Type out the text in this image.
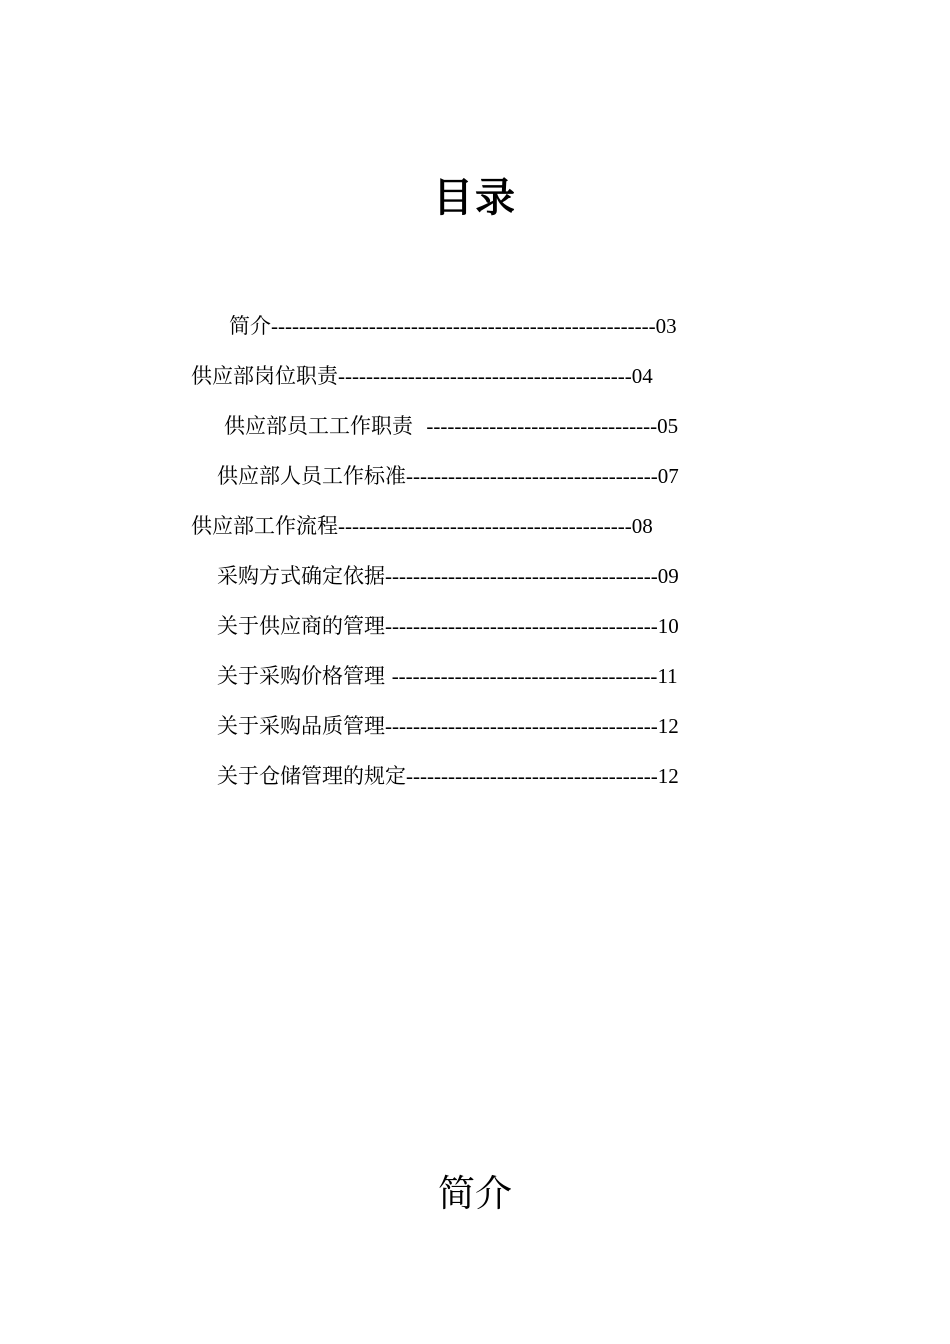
目录

简介-------------------------------------------------------03

供应部岗位职责------------------------------------------04

供应部员工工作职责  ---------------------------------05

供应部人员工作标准------------------------------------07

供应部工作流程------------------------------------------08

采购方式确定依据---------------------------------------09

关于供应商的管理---------------------------------------10

关于采购价格管理 --------------------------------------11

关于采购品质管理---------------------------------------12

关于仓储管理的规定------------------------------------12

简介
